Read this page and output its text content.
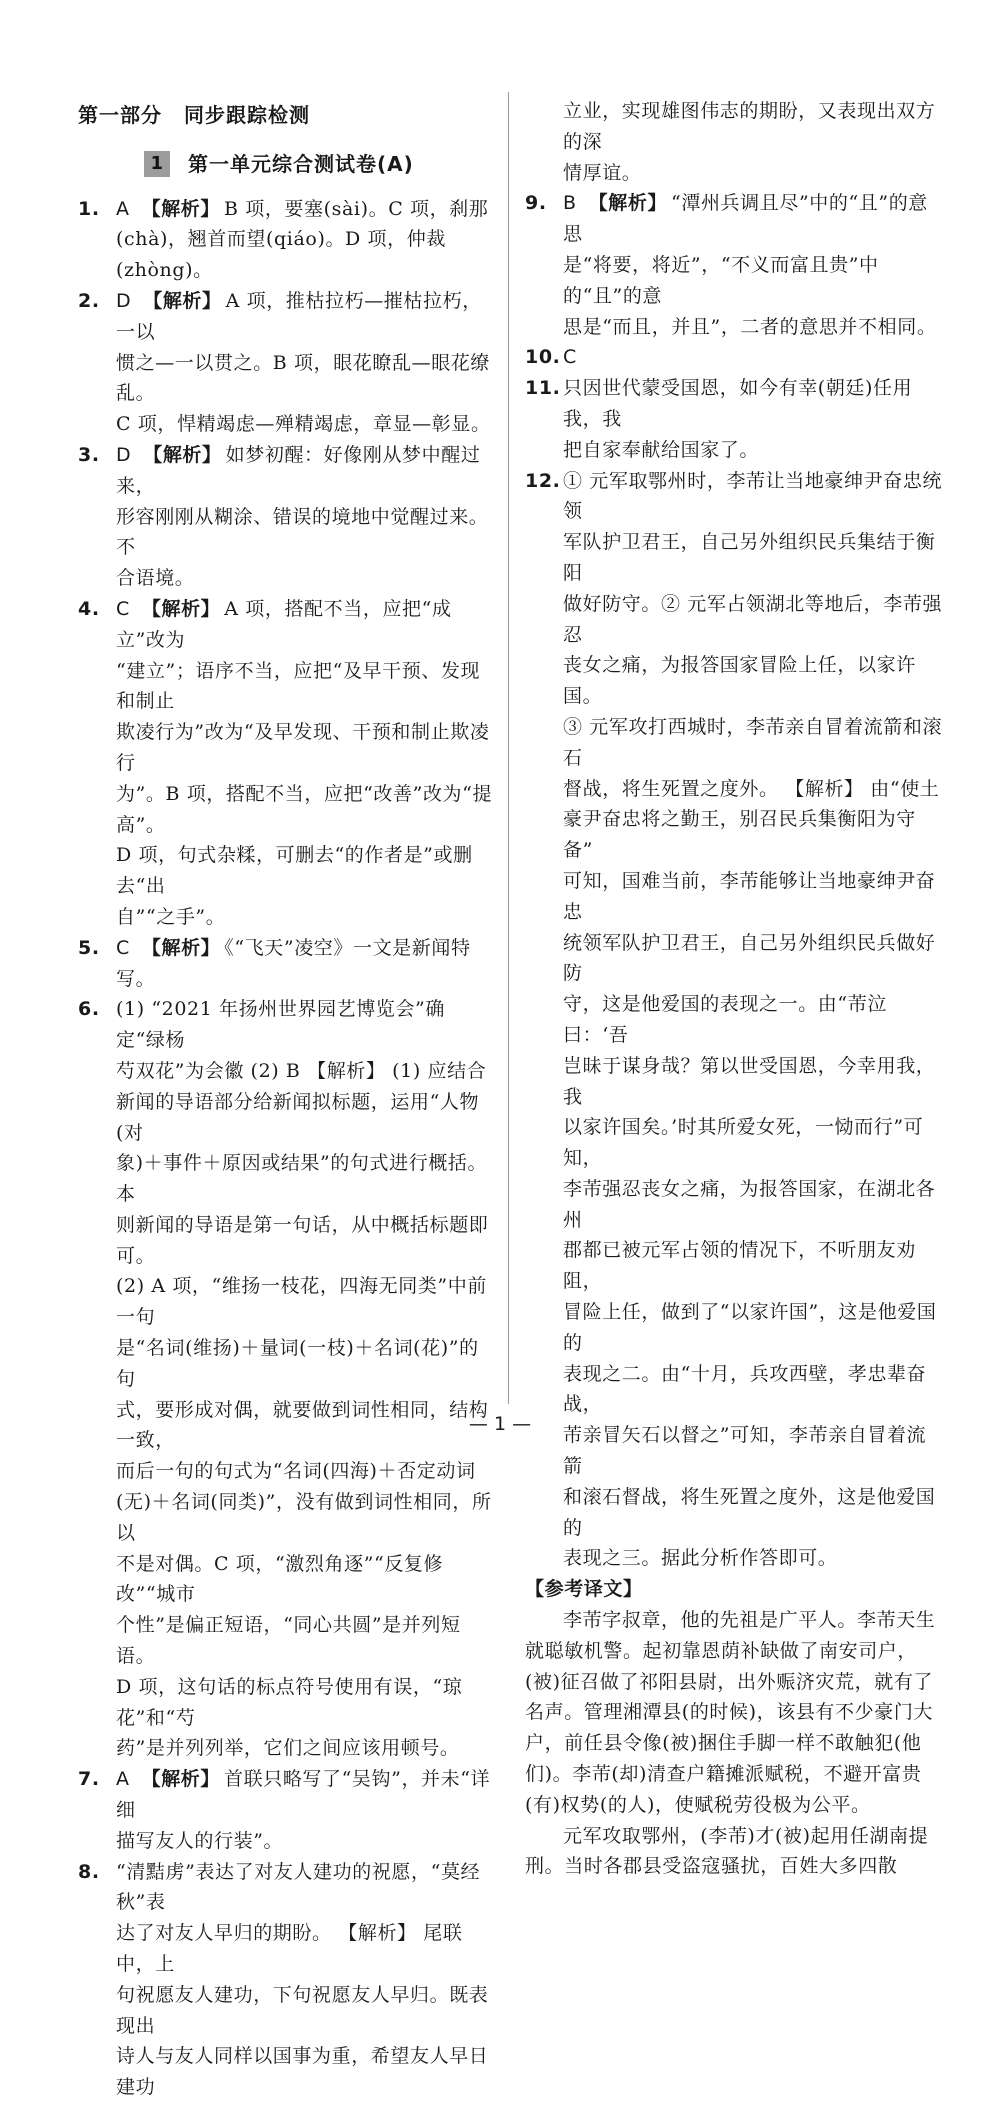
第一部分 同步跟踪检测
1	第一单元综合测试卷(A)
1. A 【解析】 B 项，要塞(sài)。C 项，刹那
(chà)，翘首而望(qiáo)。D 项，仲裁(zhòng)。
2. D 【解析】 A 项，推枯拉朽—摧枯拉朽，一以
惯之—一以贯之。B 项，眼花瞭乱—眼花缭乱。
C 项，悍精竭虑—殚精竭虑，章显—彰显。
3. D 【解析】 如梦初醒：好像刚从梦中醒过来，
形容刚刚从糊涂、错误的境地中觉醒过来。不
合语境。
4. C 【解析】 A 项，搭配不当，应把“成立”改为
“建立”；语序不当，应把“及早干预、发现和制止
欺凌行为”改为“及早发现、干预和制止欺凌行
为”。B 项，搭配不当，应把“改善”改为“提高”。
D 项，句式杂糅，可删去“的作者是”或删去“出
自”“之手”。
5. C 【解析】 《“飞天”凌空》一文是新闻特写。
6. (1) “2021 年扬州世界园艺博览会”确定“绿杨
芍双花”为会徽 (2) B 【解析】 (1) 应结合
新闻的导语部分给新闻拟标题，运用“人物(对
象)＋事件＋原因或结果”的句式进行概括。本
则新闻的导语是第一句话，从中概括标题即可。
(2) A 项，“维扬一枝花，四海无同类”中前一句
是“名词(维扬)＋量词(一枝)＋名词(花)”的句
式，要形成对偶，就要做到词性相同，结构一致，
而后一句的句式为“名词(四海)＋否定动词
(无)＋名词(同类)”，没有做到词性相同，所以
不是对偶。C 项，“激烈角逐”“反复修改”“城市
个性”是偏正短语，“同心共圆”是并列短语。
D 项，这句话的标点符号使用有误，“琼花”和“芍
药”是并列列举，它们之间应该用顿号。
7. A 【解析】 首联只略写了“吴钩”，并未“详细
描写友人的行装”。
8. “清黠虏”表达了对友人建功的祝愿，“莫经秋”表
达了对友人早归的期盼。 【解析】 尾联中，上
句祝愿友人建功，下句祝愿友人早归。既表现出
诗人与友人同样以国事为重，希望友人早日建功
立业，实现雄图伟志的期盼，又表现出双方的深
情厚谊。
9. B 【解析】 “潭州兵调且尽”中的“且”的意思
是“将要，将近”，“不义而富且贵”中的“且”的意
思是“而且，并且”，二者的意思并不相同。
10. C
11. 只因世代蒙受国恩，如今有幸(朝廷)任用我，我
把自家奉献给国家了。
12. ① 元军取鄂州时，李芾让当地豪绅尹奋忠统领
军队护卫君王，自己另外组织民兵集结于衡阳
做好防守。② 元军占领湖北等地后，李芾强忍
丧女之痛，为报答国家冒险上任，以家许国。
③ 元军攻打西城时，李芾亲自冒着流箭和滚石
督战，将生死置之度外。 【解析】 由“使土
豪尹奋忠将之勤王，别召民兵集衡阳为守备”
可知，国难当前，李芾能够让当地豪绅尹奋忠
统领军队护卫君王，自己另外组织民兵做好防
守，这是他爱国的表现之一。由“芾泣曰：‘吾
岂昧于谋身哉？第以世受国恩，今幸用我，我
以家许国矣。’时其所爱女死，一恸而行”可知，
李芾强忍丧女之痛，为报答国家，在湖北各州
郡都已被元军占领的情况下，不听朋友劝阻，
冒险上任，做到了“以家许国”，这是他爱国的
表现之二。由“十月，兵攻西壁，孝忠辈奋战，
芾亲冒矢石以督之”可知，李芾亲自冒着流箭
和滚石督战，将生死置之度外，这是他爱国的
表现之三。据此分析作答即可。
【参考译文】
李芾字叔章，他的先祖是广平人。李芾天生就聪敏机警。起初靠恩荫补缺做了南安司户，(被)征召做了祁阳县尉，出外赈济灾荒，就有了名声。管理湘潭县(的时候)，该县有不少豪门大户，前任县令像(被)捆住手脚一样不敢触犯(他们)。李芾(却)清查户籍摊派赋税，不避开富贵(有)权势(的人)，使赋税劳役极为公平。
元军攻取鄂州，(李芾)才(被)起用任湖南提刑。当时各郡县受盗寇骚扰，百姓大多四散
— 1 —
